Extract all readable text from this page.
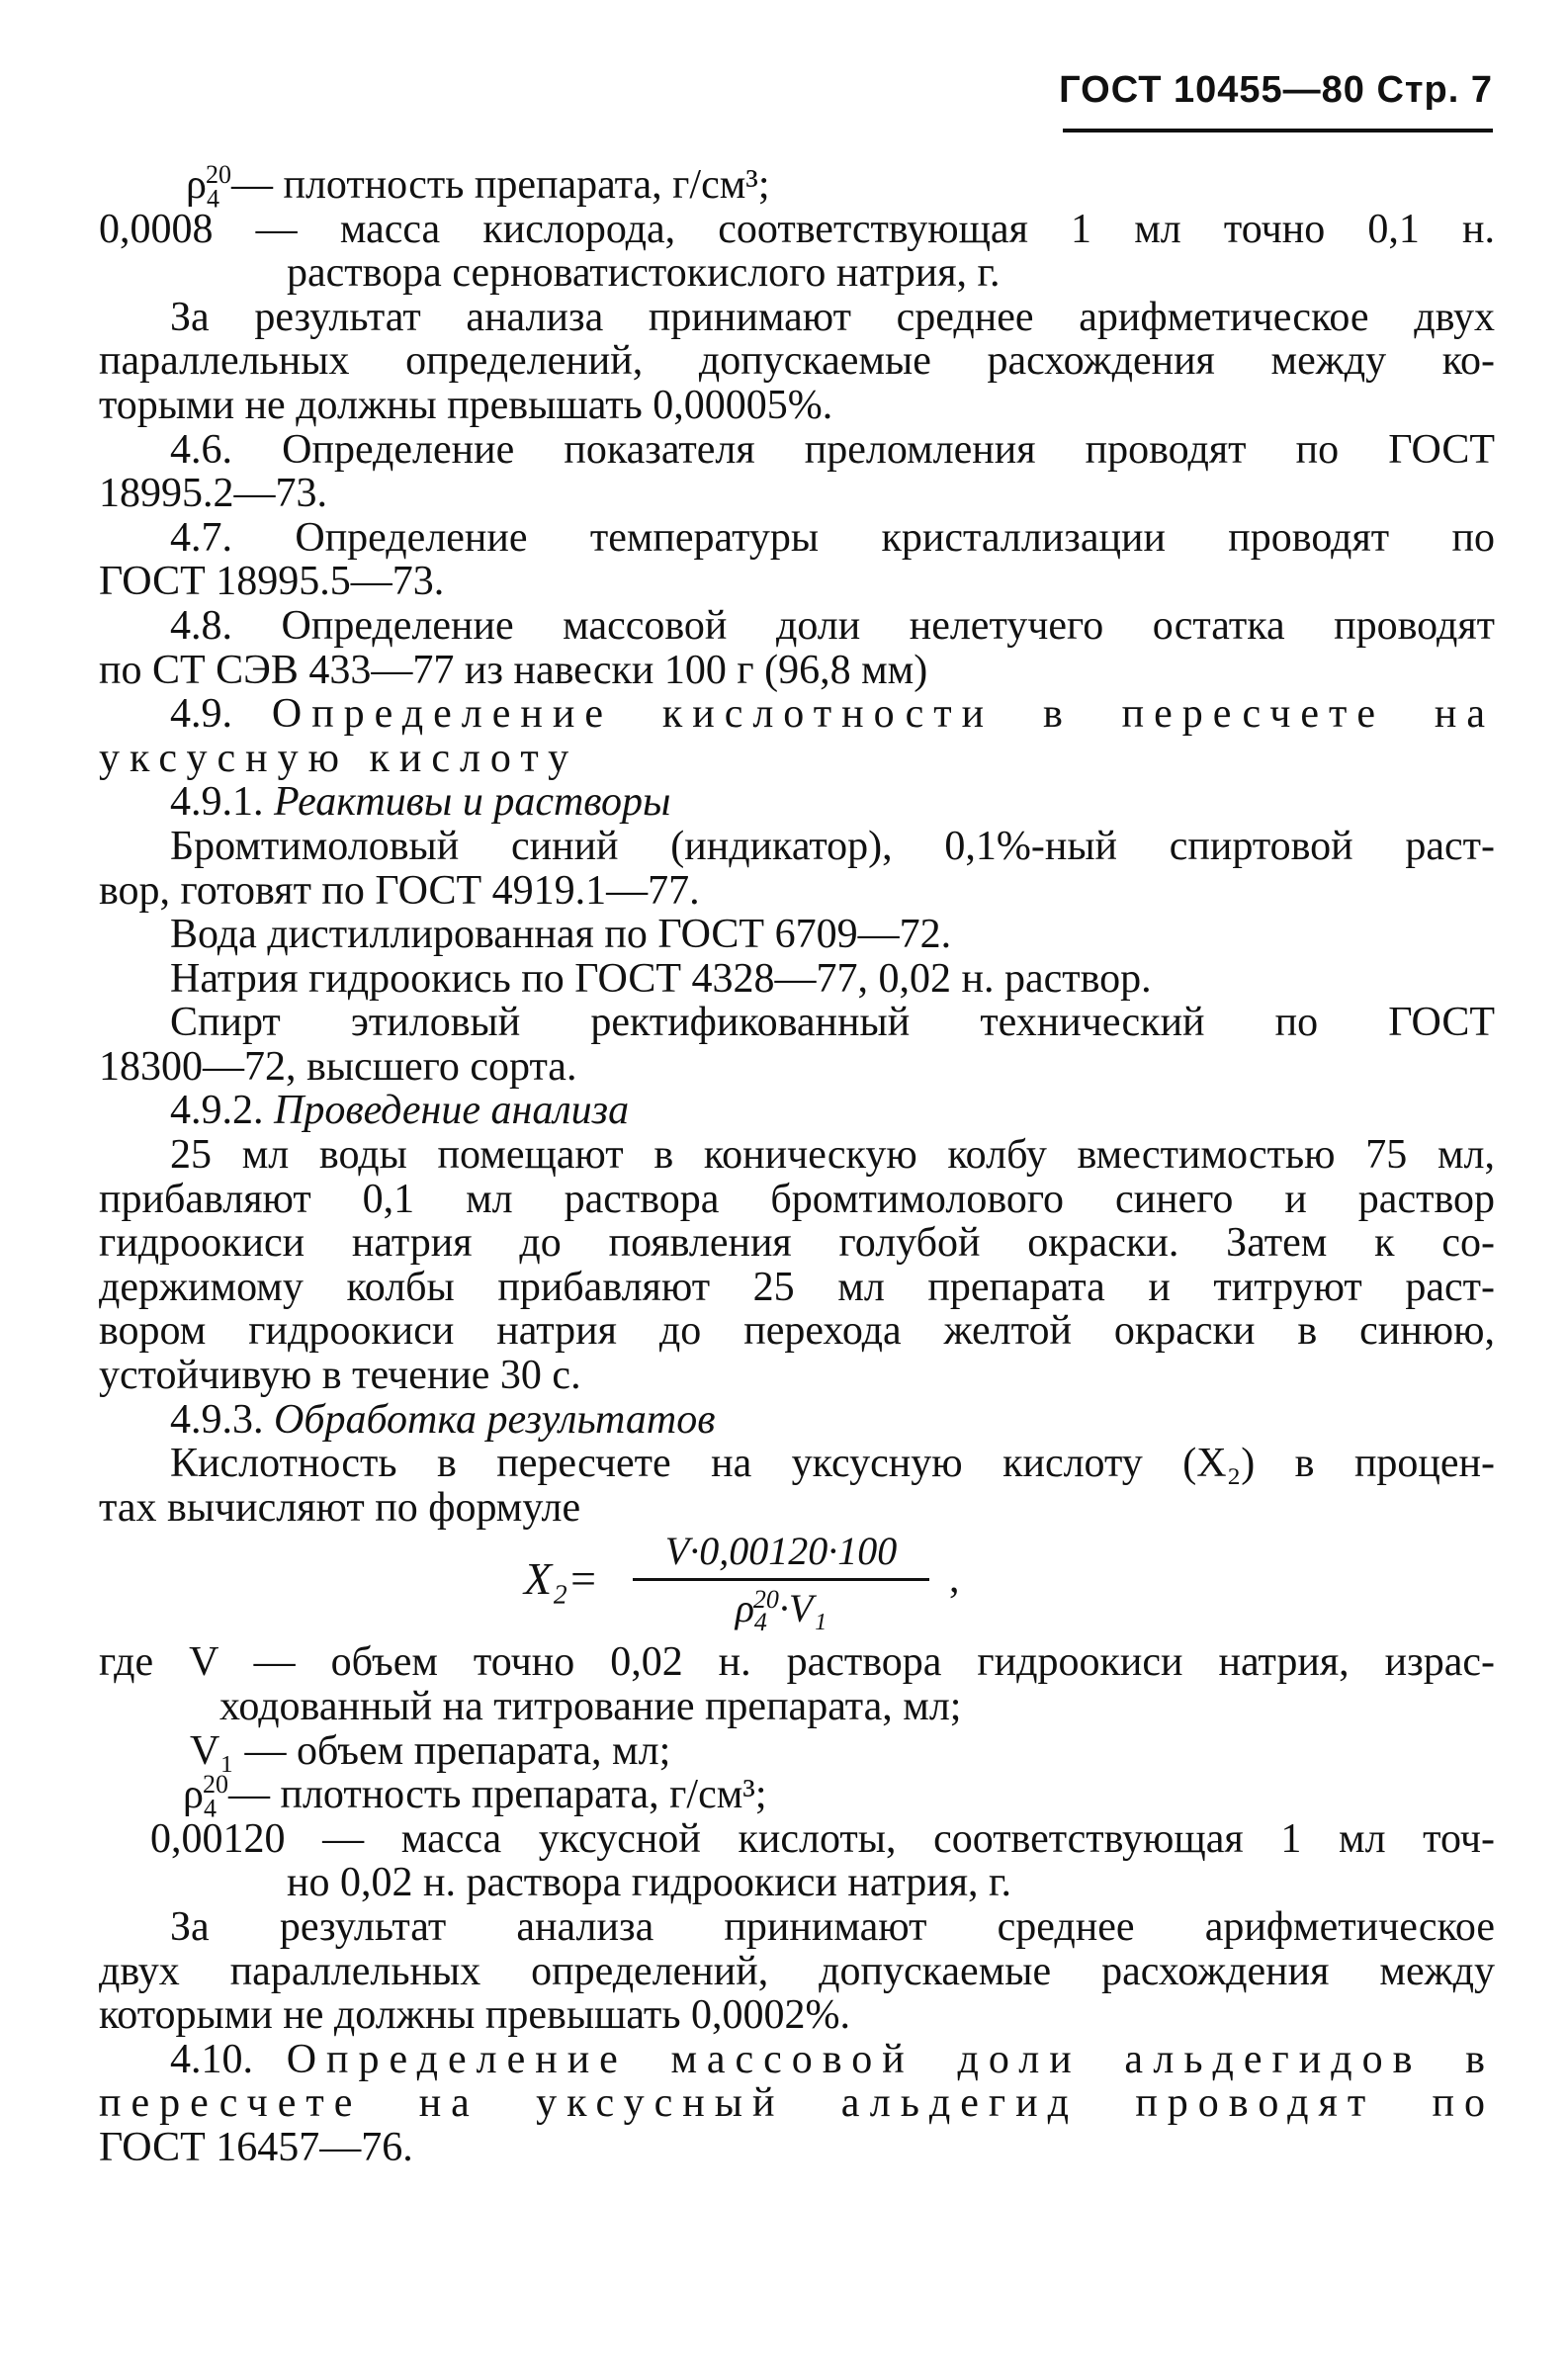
ГОСТ 10455—80 Стр. 7
$\rho_4^{20}—$ плотность препарата, г/см³;
0,0008 — масса кислорода, соответствующая 1 мл точно 0,1 н.
раствора серноватистокислого натрия, г.
За результат анализа принимают среднее арифметическое двух
параллельных определений, допускаемые расхождения между ко-
торыми не должны превышать 0,00005%.
4.6. Определение показателя преломления проводят по ГОСТ
18995.2—73.
4.7. Определение температуры кристаллизации проводят по
ГОСТ 18995.5—73.
4.8. Определение массовой доли нелетучего остатка проводят
по СТ СЭВ 433—77 из навески 100 г (96,8 мм)
4.9. Определение кислотности в пересчете на
уксусную кислоту
4.9.1. Реактивы и растворы
Бромтимоловый синий (индикатор), 0,1%-ный спиртовой раст-
вор, готовят по ГОСТ 4919.1—77.
Вода дистиллированная по ГОСТ 6709—72.
Натрия гидроокись по ГОСТ 4328—77, 0,02 н. раствор.
Спирт этиловый ректификованный технический по ГОСТ
18300—72, высшего сорта.
4.9.2. Проведение анализа
25 мл воды помещают в коническую колбу вместимостью 75 мл,
прибавляют 0,1 мл раствора бромтимолового синего и раствор
гидроокиси натрия до появления голубой окраски. Затем к со-
держимому колбы прибавляют 25 мл препарата и титруют раст-
вором гидроокиси натрия до перехода желтой окраски в синюю,
устойчивую в течение 30 с.
4.9.3. Обработка результатов
Кислотность в пересчете на уксусную кислоту (X₂) в процен-
тах вычисляют по формуле
X₂=
V·0,00120·100
$\rho_4^{20}\cdot V_1$
,
где V — объем точно 0,02 н. раствора гидроокиси натрия, израс-
ходованный на титрование препарата, мл;
V₁ — объем препарата, мл;
$\rho_4^{20}—$ плотность препарата, г/см³;
0,00120 — масса уксусной кислоты, соответствующая 1 мл точ-
но 0,02 н. раствора гидроокиси натрия, г.
За результат анализа принимают среднее арифметическое
двух параллельных определений, допускаемые расхождения между
которыми не должны превышать 0,0002%.
4.10. Определение массовой доли альдегидов в
пересчете на уксусный альдегид проводят по
ГОСТ 16457—76.
